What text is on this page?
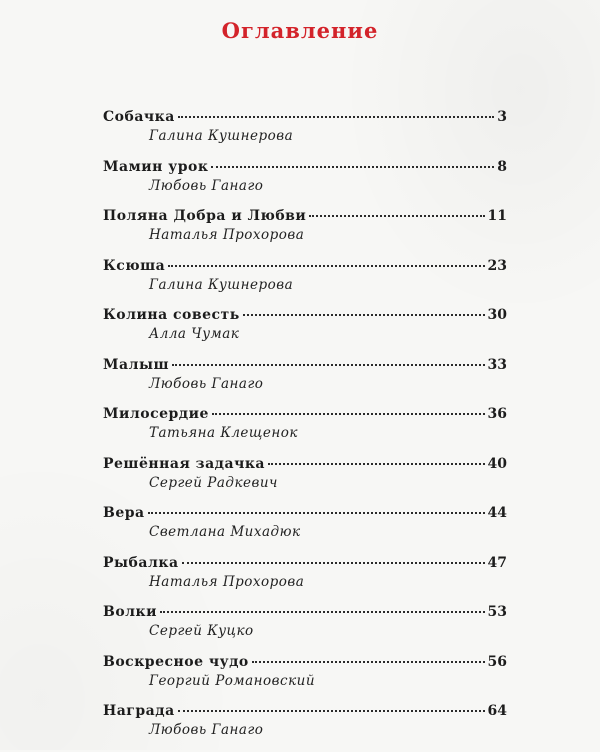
Оглавление
Собачка	3
Галина Кушнерова
Мамин урок	8
Любовь Ганаго
Поляна Добра и Любви	11
Наталья Прохорова
Ксюша	23
Галина Кушнерова
Колина совесть	30
Алла Чумак
Малыш	33
Любовь Ганаго
Милосердие	36
Татьяна Клещенок
Решённая задачка	40
Сергей Радкевич
Вера	44
Светлана Михадюк
Рыбалка	47
Наталья Прохорова
Волки	53
Сергей Куцко
Воскресное чудо	56
Георгий Романовский
Награда	64
Любовь Ганаго
